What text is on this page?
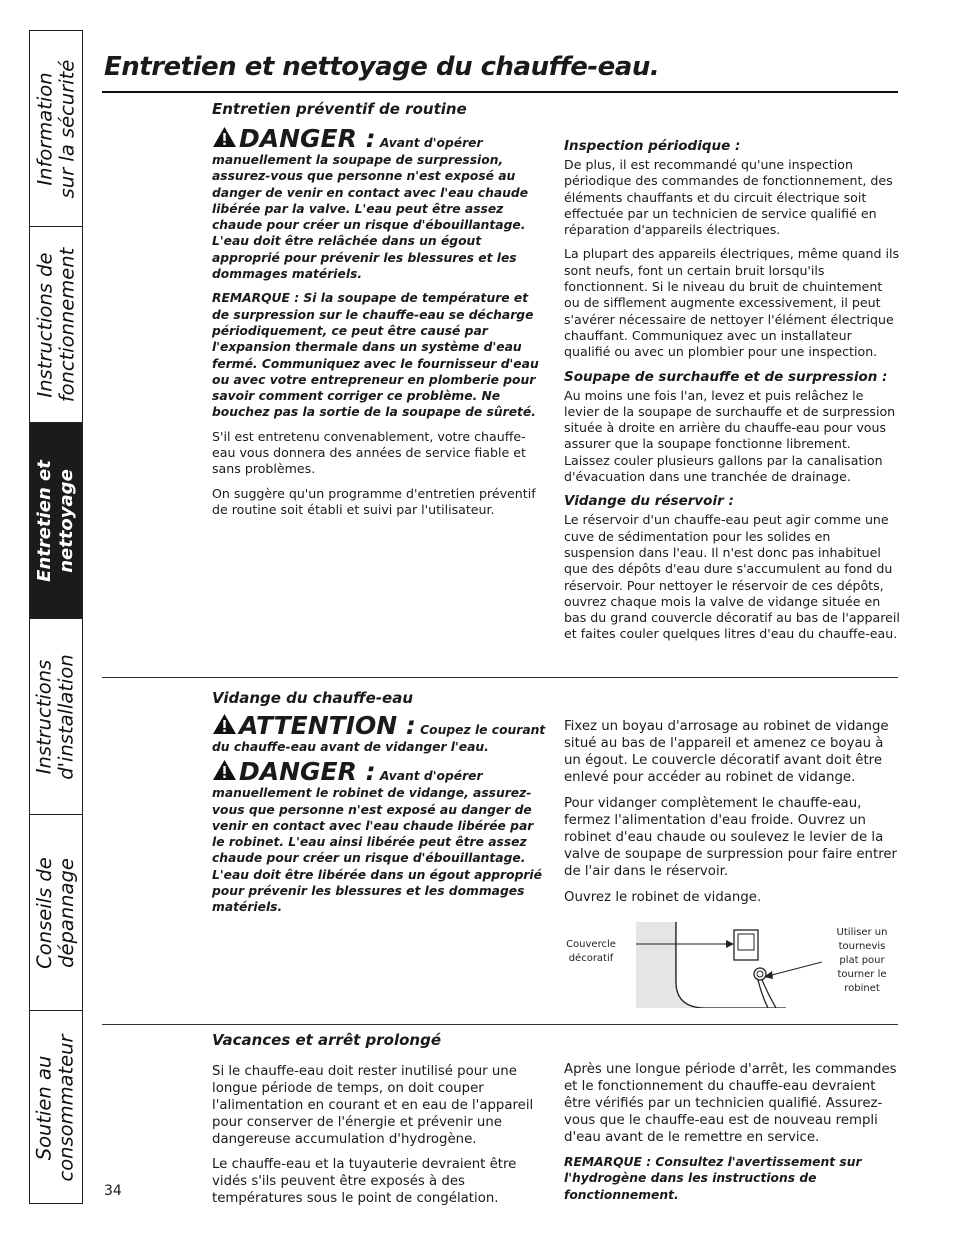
Information
sur la sécurité
Instructions de
fonctionnement
Entretien et
nettoyage
Instructions
d'installation
Conseils de
dépannage
Soutien au
consommateur
Entretien et nettoyage du chauffe-eau.

Entretien préventif de routine

DANGER : Avant d'opérer
manuellement la soupape de surpression, assurez-vous que personne n'est exposé au danger de venir en contact avec l'eau chaude libérée par la valve. L'eau peut être assez chaude pour créer un risque d'ébouillantage. L'eau doit être relâchée dans un égout approprié pour prévenir les blessures et les dommages matériels.

REMARQUE : Si la soupape de température et de surpression sur le chauffe-eau se décharge périodiquement, ce peut être causé par l'expansion thermale dans un système d'eau fermé. Communiquez avec le fournisseur d'eau ou avec votre entrepreneur en plomberie pour savoir comment corriger ce problème. Ne bouchez pas la sortie de la soupape de sûreté.

S'il est entretenu convenablement, votre chauffe-eau vous donnera des années de service fiable et sans problèmes.

On suggère qu'un programme d'entretien préventif de routine soit établi et suivi par l'utilisateur.

Inspection périodique :

De plus, il est recommandé qu'une inspection périodique des commandes de fonctionnement, des éléments chauffants et du circuit électrique soit effectuée par un technicien de service qualifié en réparation d'appareils électriques.

La plupart des appareils électriques, même quand ils sont neufs, font un certain bruit lorsqu'ils fonctionnent. Si le niveau du bruit de chuintement ou de sifflement augmente excessivement, il peut s'avérer nécessaire de nettoyer l'élément électrique chauffant. Communiquez avec un installateur qualifié ou avec un plombier pour une inspection.

Soupape de surchauffe et de surpression :

Au moins une fois l'an, levez et puis relâchez le levier de la soupape de surchauffe et de surpression située à droite en arrière du chauffe-eau pour vous assurer que la soupape fonctionne librement. Laissez couler plusieurs gallons par la canalisation d'évacuation dans une tranchée de drainage.

Vidange du réservoir :

Le réservoir d'un chauffe-eau peut agir comme une cuve de sédimentation pour les solides en suspension dans l'eau. Il n'est donc pas inhabituel que des dépôts d'eau dure s'accumulent au fond du réservoir. Pour nettoyer le réservoir de ces dépôts, ouvrez chaque mois la valve de vidange située en bas du grand couvercle décoratif au bas de l'appareil et faites couler quelques litres d'eau du chauffe-eau.

Vidange du chauffe-eau

ATTENTION : Coupez le courant
du chauffe-eau avant de vidanger l'eau.

DANGER : Avant d'opérer
manuellement le robinet de vidange, assurez-vous que personne n'est exposé au danger de venir en contact avec l'eau chaude libérée par le robinet. L'eau ainsi libérée peut être assez chaude pour créer un risque d'ébouillantage. L'eau doit être libérée dans un égout approprié pour prévenir les blessures et les dommages matériels.

Fixez un boyau d'arrosage au robinet de vidange situé au bas de l'appareil et amenez ce boyau à un égout. Le couvercle décoratif avant doit être enlevé pour accéder au robinet de vidange.

Pour vidanger complètement le chauffe-eau, fermez l'alimentation d'eau froide. Ouvrez un robinet d'eau chaude ou soulevez le levier de la valve de soupape de surpression pour faire entrer de l'air dans le réservoir.

Ouvrez le robinet de vidange.

Couvercle
décoratif
Utiliser un
tournevis
plat pour
tourner le
robinet

Vacances et arrêt prolongé

Si le chauffe-eau doit rester inutilisé pour une longue période de temps, on doit couper l'alimentation en courant et en eau de l'appareil pour conserver de l'énergie et prévenir une dangereuse accumulation d'hydrogène.

Le chauffe-eau et la tuyauterie devraient être vidés s'ils peuvent être exposés à des températures sous le point de congélation.

Après une longue période d'arrêt, les commandes et le fonctionnement du chauffe-eau devraient être vérifiés par un technicien qualifié. Assurez-vous que le chauffe-eau est de nouveau rempli d'eau avant de le remettre en service.

REMARQUE : Consultez l'avertissement sur l'hydrogène dans les instructions de fonctionnement.

34
